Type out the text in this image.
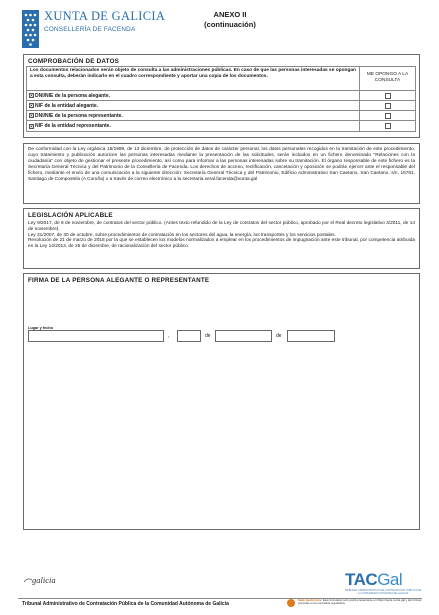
XUNTA DE GALICIA
CONSELLERÍA DE FACENDA
ANEXO II
(continuación)
COMPROBACIÓN DE DATOS
Los documentos relacionados serán objeto de consulta a las administraciones públicas. En caso de que las personas interesadas se opongan a esta consulta, deberán indicarlo en el cuadro correspondiente y aportar una copia de los documentos.	ME OPONGO A LA CONSULTA
× DNI/NIE de la persona alegante.
× NIF de la entidad alegante.
× DNI/NIE de la persona representante.
× NIF de la entidad representante.
De conformidad con la Ley orgánica 15/1999, de 13 diciembre, de protección de datos de carácter personal, los datos personales recogidos en la tramitación de este procedimiento, cuyo tratamiento y publicación autoricen las personas interesadas mediante la presentación de las solicitudes, serán incluidos en un fichero denominado "Relaciones con la ciudadanía" con objeto de gestionar el presente procedimiento, así como para informar a las personas interesadas sobre su tramitación. El órgano responsable de este fichero es la Secretaría General Técnica y del Patrimonio de la Consellería de Facenda. Los derechos de acceso, rectificación, cancelación y oposición se podrán ejercer ante el responsable del fichero, mediante el envío de una comunicación a la siguiente dirección: Secretaría General Técnica y del Patrimonio, Edificio Administrativo San Caetano, San Caetano, s/n, 15781, Santiago de Compostela (A Coruña) o a través de correo electrónico a la secretaria.xeral.facenda@xunta.gal
LEGISLACIÓN APLICABLE

Ley 9/2017, de 8 de noviembre, de contratos del sector público. (Antes texto refundido de la Ley de contratos del sector público, aprobado por el Real decreto legislativo 3/2011, de 14 de noviembre).

Ley 31/2007, de 30 de octubre, sobre procedimientos de contratación en los sectores del agua, la energía, los transportes y los servicios postales.

Resolución de 21 de marzo de 2018 por la que se establecen los modelos normalizados a emplear en los procedimientos de impugnación ante este tribunal, por competencia atribuida en la Ley 14/2013, de 26 de diciembre, de racionalización del sector público.

FIRMA DE LA PERSONA ALEGANTE O REPRESENTANTE
Lugar y fecha
,	de	de
galicia	TACGal
TRIBUNAL ADMINISTRATIVO DE CONTRATACIÓN PÚBLICA DE LA COMUNIDAD AUTÓNOMA DE GALICIA
Tribunal Administrativo de Contratación Pública de la Comunidad Autónoma de Galicia
Sede electrónica: Este formulario sólo podrá presentarse en https://sede.xunta.gal y las formas previstas en la normativa reguladora
